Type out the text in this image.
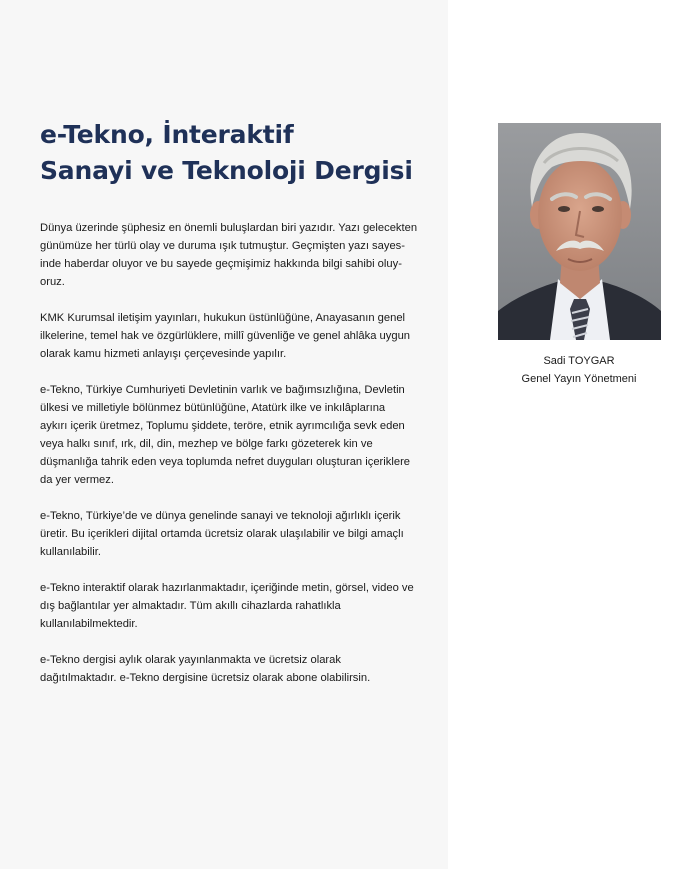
e-Tekno, İnteraktif
Sanayi ve Teknoloji Dergisi

Dünya üzerinde şüphesiz en önemli buluşlardan biri yazıdır. Yazı gelecekten
günümüze her türlü olay ve duruma ışık tutmuştur. Geçmişten yazı sayes-
inde haberdar oluyor ve bu sayede geçmişimiz hakkında bilgi sahibi oluy-
oruz.

KMK Kurumsal iletişim yayınları, hukukun üstünlüğüne, Anayasanın genel
ilkelerine, temel hak ve özgürlüklere, millî güvenliğe ve genel ahlâka uygun
olarak kamu hizmeti anlayışı çerçevesinde yapılır.

e-Tekno, Türkiye Cumhuriyeti Devletinin varlık ve bağımsızlığına, Devletin
ülkesi ve milletiyle bölünmez bütünlüğüne, Atatürk ilke ve inkılâplarına
aykırı içerik üretmez, Toplumu şiddete, teröre, etnik ayrımcılığa sevk eden
veya halkı sınıf, ırk, dil, din, mezhep ve bölge farkı gözeterek kin ve
düşmanlığa tahrik eden veya toplumda nefret duyguları oluşturan içeriklere
da yer vermez.

e-Tekno, Türkiye’de ve dünya genelinde sanayi ve teknoloji ağırlıklı içerik
üretir. Bu içerikleri dijital ortamda ücretsiz olarak ulaşılabilir ve bilgi amaçlı
kullanılabilir.

e-Tekno interaktif olarak hazırlanmaktadır, içeriğinde metin, görsel, video ve
dış bağlantılar yer almaktadır. Tüm akıllı cihazlarda rahatlıkla
kullanılabilmektedir.

e-Tekno dergisi aylık olarak yayınlanmakta ve ücretsiz olarak
dağıtılmaktadır. e-Tekno dergisine ücretsiz olarak abone olabilirsin.

Sadi TOYGAR
Genel Yayın Yönetmeni
